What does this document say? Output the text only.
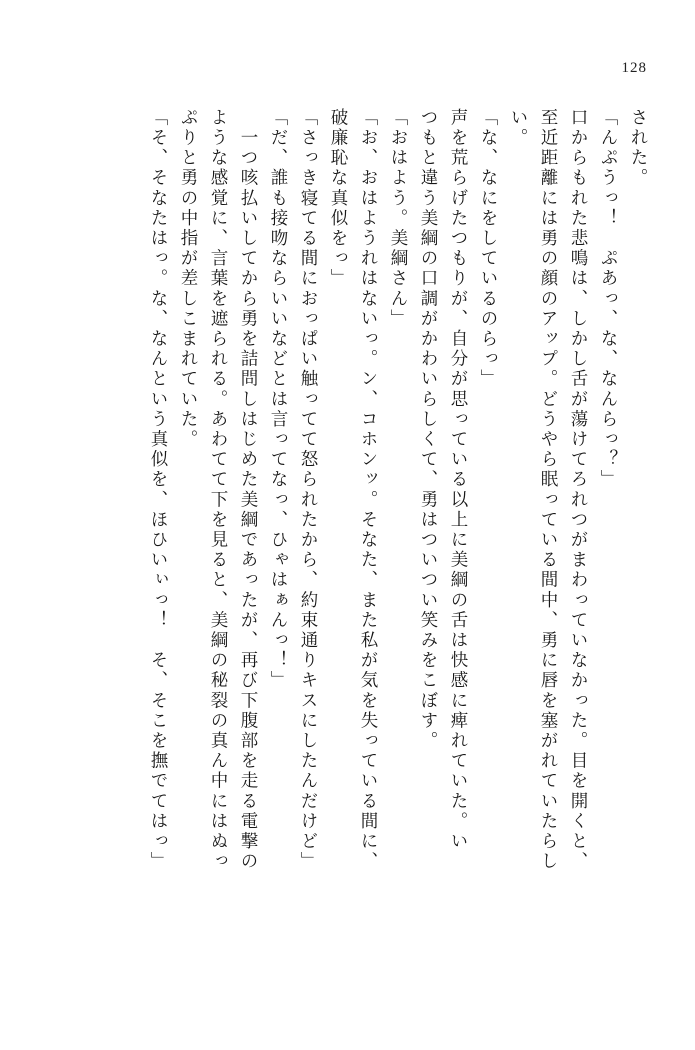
128
された。
「んぷうっ！　ぷあっ、な、なんらっ？」
口からもれた悲鳴は、しかし舌が蕩けてろれつがまわっていなかった。目を開くと、
至近距離には勇の顔のアップ。どうやら眠っている間中、勇に唇を塞がれていたらし
い。
「な、なにをしているのらっ」
声を荒らげたつもりが、自分が思っている以上に美綱の舌は快感に痺れていた。い
つもと違う美綱の口調がかわいらしくて、勇はついつい笑みをこぼす。
「おはよう。美綱さん」
「お、おはようれはないっ。ン、コホンッ。そなた、また私が気を失っている間に、
破廉恥な真似をっ」
「さっき寝てる間におっぱい触ってて怒られたから、約束通りキスにしたんだけど」
「だ、誰も接吻ならいいなどとは言ってなっ、ひゃはぁんっ！」
　一つ咳払いしてから勇を詰問しはじめた美綱であったが、再び下腹部を走る電撃の
ような感覚に、言葉を遮られる。あわてて下を見ると、美綱の秘裂の真ん中にはぬっ
ぷりと勇の中指が差しこまれていた。
「そ、そなたはっ。な、なんという真似を、ほひいぃっ！　そ、そこを撫でてはっ」
